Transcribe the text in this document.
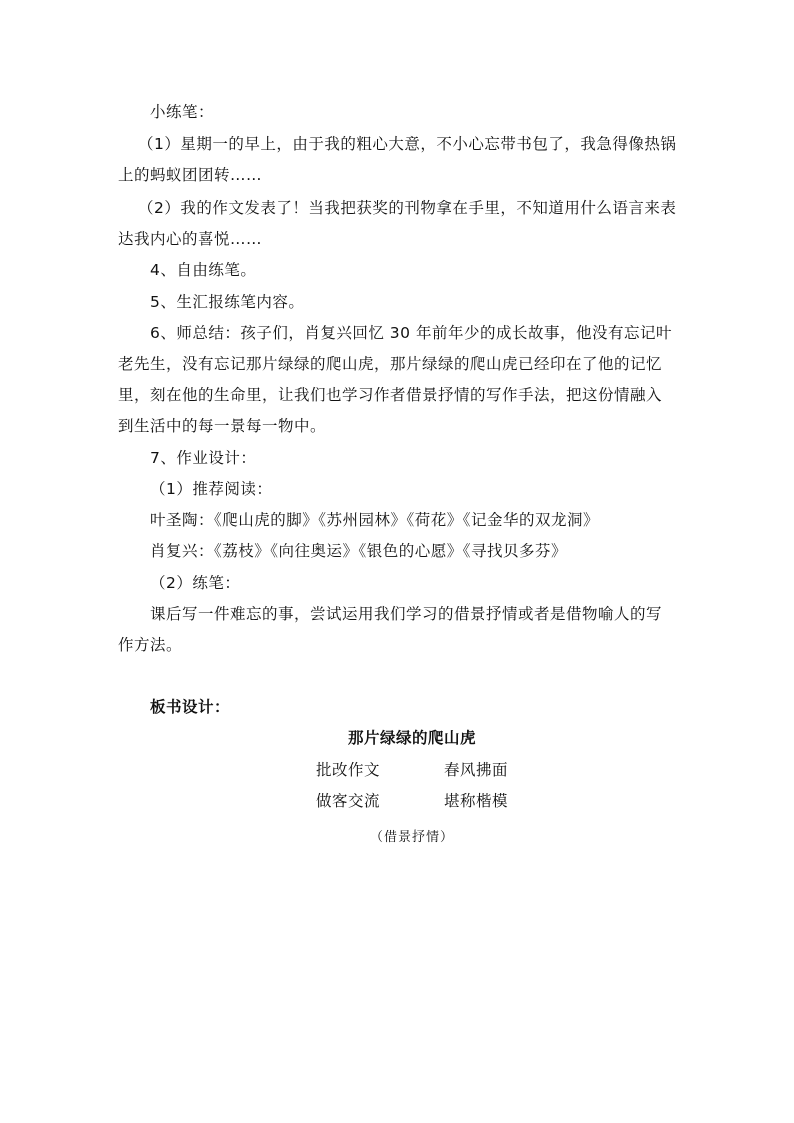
小练笔：
（1）星期一的早上，由于我的粗心大意，不小心忘带书包了，我急得像热锅
上的蚂蚁团团转……
（2）我的作文发表了！当我把获奖的刊物拿在手里，不知道用什么语言来表
达我内心的喜悦……
4、自由练笔。
5、生汇报练笔内容。
6、师总结：孩子们，肖复兴回忆 30 年前年少的成长故事，他没有忘记叶
老先生，没有忘记那片绿绿的爬山虎，那片绿绿的爬山虎已经印在了他的记忆
里，刻在他的生命里，让我们也学习作者借景抒情的写作手法，把这份情融入
到生活中的每一景每一物中。
7、作业设计：
（1）推荐阅读：
叶圣陶：《爬山虎的脚》《苏州园林》《荷花》《记金华的双龙洞》
肖复兴：《荔枝》《向往奥运》《银色的心愿》《寻找贝多芬》
（2）练笔：
课后写一件难忘的事，尝试运用我们学习的借景抒情或者是借物喻人的写
作方法。
板书设计：
那片绿绿的爬山虎
批改作文	春风拂面
做客交流	堪称楷模
（借景抒情）
